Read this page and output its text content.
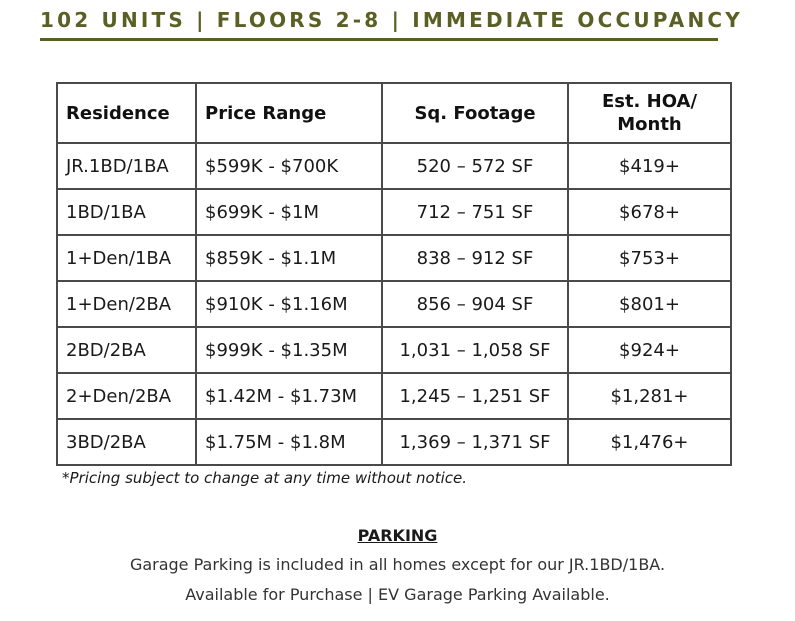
102 UNITS | FLOORS 2-8 | IMMEDIATE OCCUPANCY
Residence	Price Range	Sq. Footage	Est. HOA/
Month
JR.1BD/1BA	$599K - $700K	520 – 572 SF	$419+
1BD/1BA	$699K - $1M	712 – 751 SF	$678+
1+Den/1BA	$859K - $1.1M	838 – 912 SF	$753+
1+Den/2BA	$910K - $1.16M	856 – 904 SF	$801+
2BD/2BA	$999K - $1.35M	1,031 – 1,058 SF	$924+
2+Den/2BA	$1.42M - $1.73M	1,245 – 1,251 SF	$1,281+
3BD/2BA	$1.75M - $1.8M	1,369 – 1,371 SF	$1,476+
*Pricing subject to change at any time without notice.
PARKING
Garage Parking is included in all homes except for our JR.1BD/1BA.
Available for Purchase | EV Garage Parking Available.
